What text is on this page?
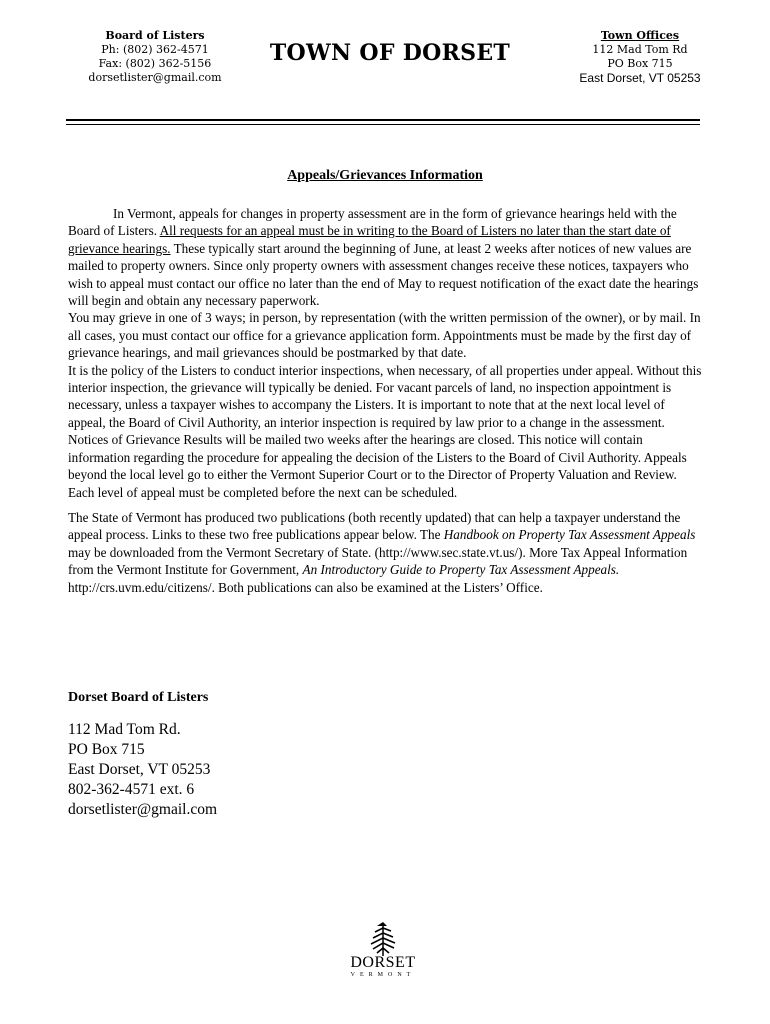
Board of Listers
Ph: (802) 362-4571
Fax: (802) 362-5156
dorsetlister@gmail.com
TOWN OF DORSET
Town Offices
112 Mad Tom Rd
PO Box 715
East Dorset, VT 05253
Appeals/Grievances Information

In Vermont, appeals for changes in property assessment are in the form of grievance hearings held with the Board of Listers. All requests for an appeal must be in writing to the Board of Listers no later than the start date of grievance hearings. These typically start around the beginning of June, at least 2 weeks after notices of new values are mailed to property owners. Since only property owners with assessment changes receive these notices, taxpayers who wish to appeal must contact our office no later than the end of May to request notification of the exact date the hearings will begin and obtain any necessary paperwork.

You may grieve in one of 3 ways; in person, by representation (with the written permission of the owner), or by mail. In all cases, you must contact our office for a grievance application form. Appointments must be made by the first day of grievance hearings, and mail grievances should be postmarked by that date.

It is the policy of the Listers to conduct interior inspections, when necessary, of all properties under appeal. Without this interior inspection, the grievance will typically be denied. For vacant parcels of land, no inspection appointment is necessary, unless a taxpayer wishes to accompany the Listers. It is important to note that at the next local level of appeal, the Board of Civil Authority, an interior inspection is required by law prior to a change in the assessment.

Notices of Grievance Results will be mailed two weeks after the hearings are closed. This notice will contain information regarding the procedure for appealing the decision of the Listers to the Board of Civil Authority. Appeals beyond the local level go to either the Vermont Superior Court or to the Director of Property Valuation and Review. Each level of appeal must be completed before the next can be scheduled.

The State of Vermont has produced two publications (both recently updated) that can help a taxpayer understand the appeal process. Links to these two free publications appear below. The Handbook on Property Tax Assessment Appeals may be downloaded from the Vermont Secretary of State. (http://www.sec.state.vt.us/). More Tax Appeal Information from the Vermont Institute for Government, An Introductory Guide to Property Tax Assessment Appeals. http://crs.uvm.edu/citizens/. Both publications can also be examined at the Listers’ Office.

Dorset Board of Listers
112 Mad Tom Rd.
PO Box 715
East Dorset, VT 05253
802-362-4571 ext. 6
dorsetlister@gmail.com
DORSET
VERMONT
